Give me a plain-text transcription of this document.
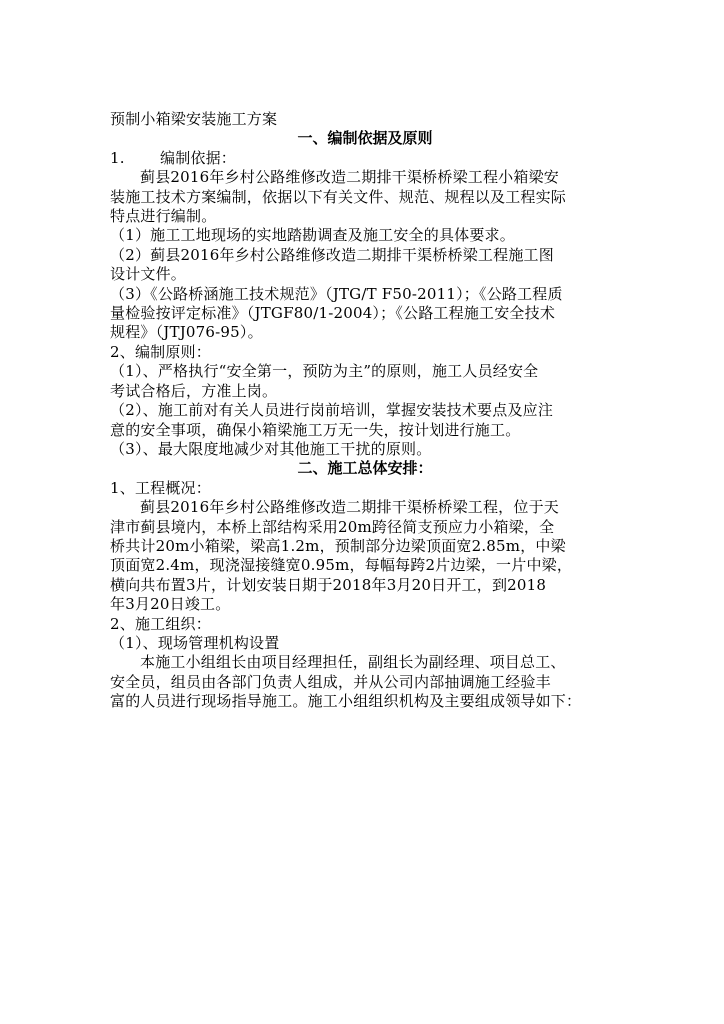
预制小箱梁安装施工方案

一、编制依据及原则

1. 编制依据：

蓟县2016年乡村公路维修改造二期排干渠桥桥梁工程小箱梁安

装施工技术方案编制，依据以下有关文件、规范、规程以及工程实际

特点进行编制。

（1）施工工地现场的实地踏勘调查及施工安全的具体要求。

（2）蓟县2016年乡村公路维修改造二期排干渠桥桥梁工程施工图

设计文件。

（3）《公路桥涵施工技术规范》（JTG/T F50-2011）；《公路工程质

量检验按评定标准》（JTGF80/1-2004）；《公路工程施工安全技术

规程》（JTJ076-95）。

2、编制原则：

（1）、严格执行“安全第一，预防为主”的原则，施工人员经安全

考试合格后，方准上岗。

（2）、施工前对有关人员进行岗前培训，掌握安装技术要点及应注

意的安全事项，确保小箱梁施工万无一失，按计划进行施工。

（3）、最大限度地减少对其他施工干扰的原则。

二、施工总体安排：

1、工程概况：

蓟县2016年乡村公路维修改造二期排干渠桥桥梁工程，位于天

津市蓟县境内，本桥上部结构采用20m跨径简支预应力小箱梁，全

桥共计20m小箱梁，梁高1.2m，预制部分边梁顶面宽2.85m，中梁

顶面宽2.4m，现浇湿接缝宽0.95m，每幅每跨2片边梁，一片中梁，

横向共布置3片，计划安装日期于2018年3月20日开工，到2018

年3月20日竣工。

2、施工组织：

（1）、现场管理机构设置

本施工小组组长由项目经理担任，副组长为副经理、项目总工、

安全员，组员由各部门负责人组成，并从公司内部抽调施工经验丰

富的人员进行现场指导施工。施工小组组织机构及主要组成领导如下：
